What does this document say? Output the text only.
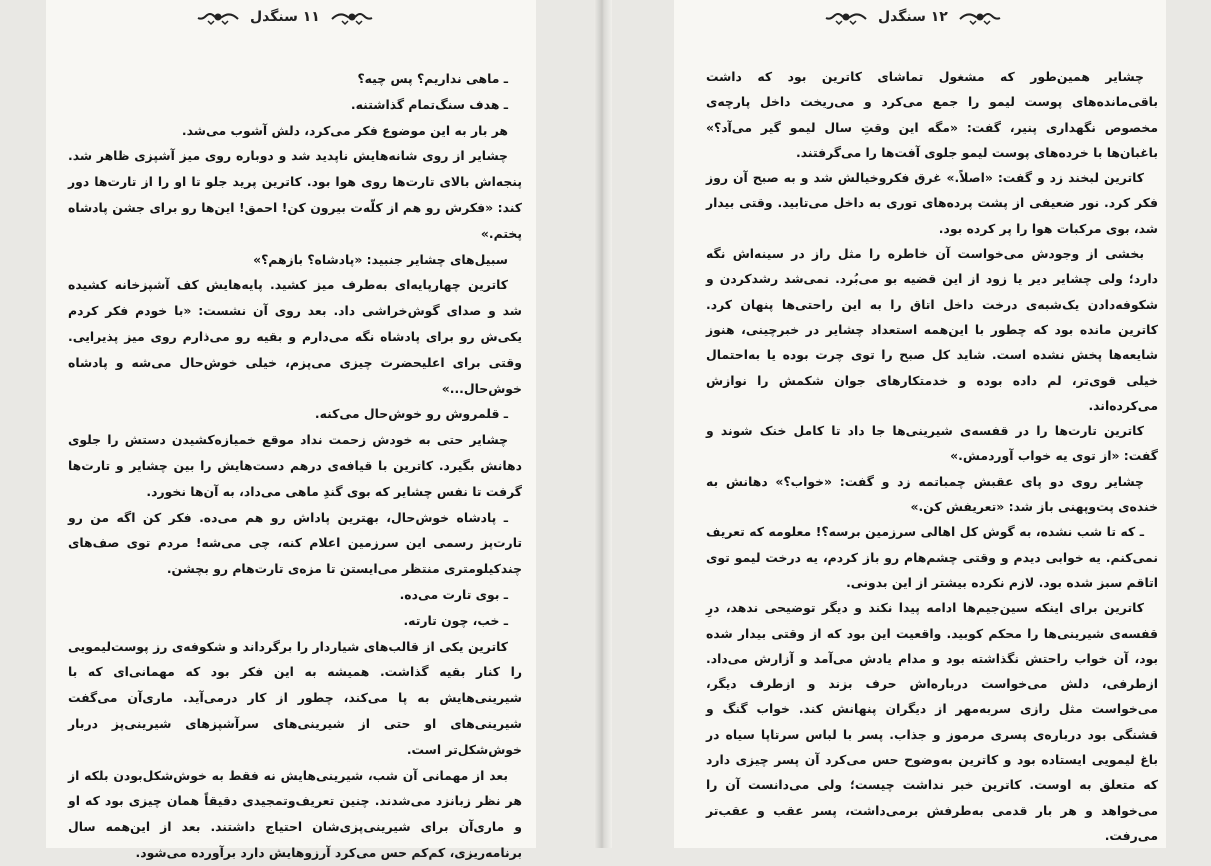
۱۱ سنگدل

ـ ماهی نداریم؟ پس چیه؟

ـ هدف سنگ‌تمام گذاشتنه.

هر بار به این موضوع فکر می‌کرد، دلش آشوب می‌شد.

چشایر از روی شانه‌هایش ناپدید شد و دوباره روی میز آشپزی ظاهر شد. پنجه‌اش بالای تارت‌ها روی هوا بود. کاترین پرید جلو تا او را از تارت‌ها دور کند: «فکرش رو هم از کلّه‌ت بیرون کن! احمق! این‌ها رو برای جشن پادشاه پختم.»

سبیل‌های چشایر جنبید: «پادشاه؟ بازهم؟»

کاترین چهارپایه‌ای به‌طرف میز کشید. پایه‌هایش کف آشپزخانه کشیده شد و صدای گوش‌خراشی داد. بعد روی آن نشست: «با خودم فکر کردم یکی‌ش رو برای پادشاه نگه می‌دارم و بقیه رو می‌ذارم روی میز پذیرایی. وقتی برای اعلیحضرت چیزی می‌پزم، خیلی خوش‌حال می‌شه و پادشاه خوش‌حال...»

ـ قلمروش رو خوش‌حال می‌کنه.

چشایر حتی به خودش زحمت نداد موقع خمیازه‌کشیدن دستش را جلوی دهانش بگیرد. کاترین با قیافه‌ی درهم دست‌هایش را بین چشایر و تارت‌ها گرفت تا نفس چشایر که بوی گندِ ماهی می‌داد، به آن‌ها نخورد.

ـ پادشاه خوش‌حال، بهترین پاداش رو هم می‌ده. فکر کن اگه من رو تارت‌پز رسمی این سرزمین اعلام کنه، چی می‌شه! مردم توی صف‌های چندکیلومتری منتظر می‌ایستن تا مزه‌ی تارت‌هام رو بچشن.

ـ بوی تارت می‌ده.

ـ خب، چون تارته.

کاترین یکی از قالب‌های شیاردار را برگرداند و شکوفه‌ی رز پوست‌لیمویی را کنار بقیه گذاشت. همیشه به این فکر بود که مهمانی‌ای که با شیرینی‌هایش به‌ پا می‌کند، چطور از کار درمی‌آید. ماری‌آن می‌گفت شیرینی‌های او حتی از شیرینی‌های سرآشپزهای شیرینی‌پز دربار خوش‌شکل‌تر است.

بعد از مهمانی آن شب، شیرینی‌هایش نه فقط به خوش‌شکل‌بودن بلکه از هر نظر زبانزد می‌شدند. چنین تعریف‌وتمجیدی دقیقاً همان چیزی بود که او و ماری‌آن برای شیرینی‌پزی‌شان احتیاج داشتند. بعد از این‌همه سال برنامه‌ریزی، کم‌کم حس می‌کرد آرزوهایش دارد برآورده می‌شود.

۱۲ سنگدل

چشایر همین‌طور که مشغول تماشای کاترین بود که داشت باقی‌مانده‌های پوست لیمو را جمع می‌کرد و می‌ریخت داخل پارچه‌ی مخصوص نگهداری پنیر، گفت: «مگه این وقتِ سال لیمو گیر می‌آد؟» باغبان‌ها با خرده‌های پوست لیمو جلوی آفت‌ها را می‌گرفتند.

کاترین لبخند زد و گفت: «اصلاً.» غرق فکروخیالش شد و به صبح آن روز فکر کرد. نور ضعیفی از پشت پرده‌های توری به داخل می‌تابید. وقتی بیدار شد، بوی مرکبات هوا را پر کرده بود.

بخشی از وجودش می‌خواست آن خاطره را مثل راز در سینه‌اش نگه دارد؛ ولی چشایر دیر یا زود از این قضیه بو می‌بُرد. نمی‌شد رشدکردن و شکوفه‌دادن یک‌شبه‌ی درخت داخل اتاق را به این راحتی‌ها پنهان کرد. کاترین مانده بود که چطور با این‌همه استعداد چشایر در خبرچینی، هنوز شایعه‌ها پخش نشده است. شاید کل صبح را توی چرت بوده یا به‌احتمال خیلی قوی‌تر، لم داده بوده و خدمتکارهای جوان شکمش را نوازش می‌کرده‌اند.

کاترین تارت‌ها را در قفسه‌ی شیرینی‌ها جا داد تا کامل خنک شوند و گفت: «از توی یه خواب آوردمش.»

چشایر روی دو پای عقبش چمباتمه زد و گفت: «خواب؟» دهانش به خنده‌ی پت‌وپهنی باز شد: «تعریفش کن.»

ـ که تا شب نشده، به گوش کل اهالی سرزمین برسه؟! معلومه که تعریف نمی‌کنم. یه خوابی دیدم و وقتی چشم‌هام رو باز کردم، یه درخت لیمو توی اتاقم سبز شده بود. لازم نکرده بیشتر از این بدونی.

کاترین برای اینکه سین‌جیم‌ها ادامه پیدا نکند و دیگر توضیحی ندهد، درِ قفسه‌ی شیرینی‌ها را محکم کوبید. واقعیت این بود که از وقتی بیدار شده بود، آن خواب راحتش نگذاشته بود و مدام یادش می‌آمد و آزارش می‌داد. ازطرفی، دلش می‌خواست درباره‌اش حرف بزند و ازطرف دیگر، می‌خواست مثل رازی سربه‌مهر از دیگران پنهانش کند. خواب گنگ و قشنگی بود درباره‌ی پسری مرموز و جذاب. پسر با لباس سرتاپا سیاه در باغ لیمویی ایستاده بود و کاترین به‌وضوح حس می‌کرد آن پسر چیزی دارد که متعلق به اوست. کاترین خبر نداشت چیست؛ ولی می‌دانست آن را می‌خواهد و هر بار قدمی به‌طرفش برمی‌داشت، پسر عقب و عقب‌تر می‌رفت.
